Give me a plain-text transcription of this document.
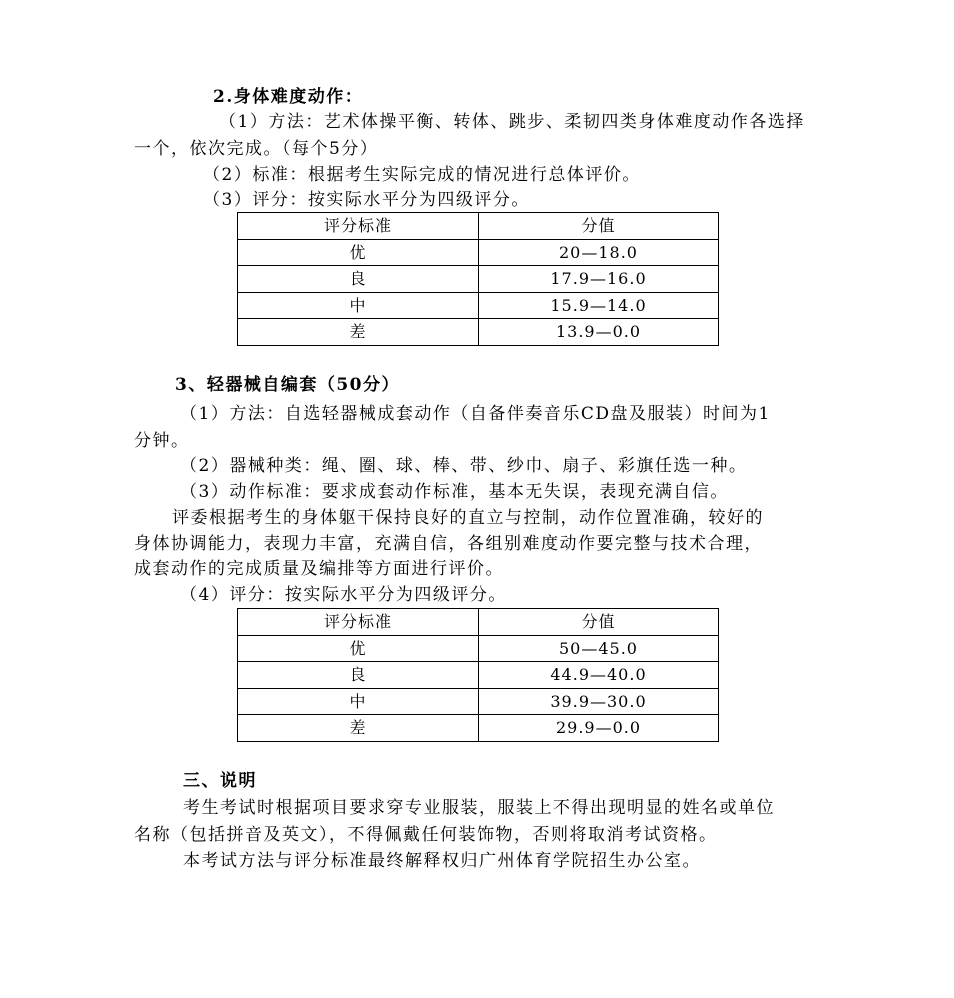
2.身体难度动作：
（1）方法：艺术体操平衡、转体、跳步、柔韧四类身体难度动作各选择
一个，依次完成。（每个5分）
（2）标准：根据考生实际完成的情况进行总体评价。
（3）评分：按实际水平分为四级评分。
评分标准	分值
优	20—18.0
良	17.9—16.0
中	15.9—14.0
差	13.9—0.0
3、轻器械自编套（50分）
（1）方法：自选轻器械成套动作（自备伴奏音乐CD盘及服装）时间为1
分钟。
（2）器械种类：绳、圈、球、棒、带、纱巾、扇子、彩旗任选一种。
（3）动作标准：要求成套动作标准，基本无失误，表现充满自信。
评委根据考生的身体躯干保持良好的直立与控制，动作位置准确，较好的
身体协调能力，表现力丰富，充满自信，各组别难度动作要完整与技术合理，
成套动作的完成质量及编排等方面进行评价。
（4）评分：按实际水平分为四级评分。
评分标准	分值
优	50—45.0
良	44.9—40.0
中	39.9—30.0
差	29.9—0.0
三、说明
考生考试时根据项目要求穿专业服装，服装上不得出现明显的姓名或单位
名称（包括拼音及英文），不得佩戴任何装饰物，否则将取消考试资格。
本考试方法与评分标准最终解释权归广州体育学院招生办公室。
